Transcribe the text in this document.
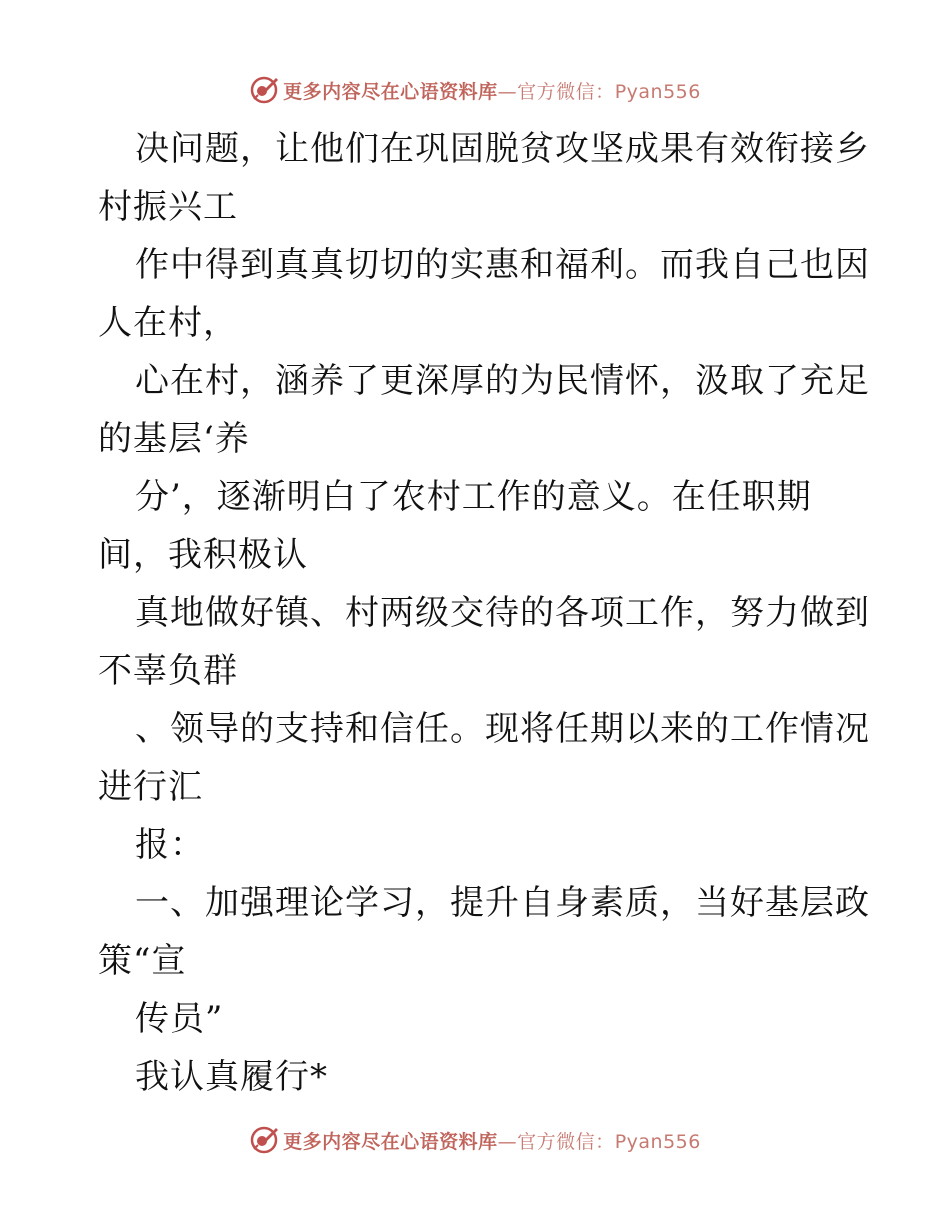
更多内容尽在心语资料库—官方微信：Pyan556
决问题，让他们在巩固脱贫攻坚成果有效衔接乡
村振兴工
作中得到真真切切的实惠和福利。而我自己也因
人在村，
心在村，涵养了更深厚的为民情怀，汲取了充足
的基层‘养
分’，逐渐明白了农村工作的意义。在任职期
间，我积极认
真地做好镇、村两级交待的各项工作，努力做到
不辜负群
、领导的支持和信任。现将任期以来的工作情况
进行汇
报：
一、加强理论学习，提升自身素质，当好基层政
策“宣
传员”
我认真履行*
更多内容尽在心语资料库—官方微信：Pyan556
